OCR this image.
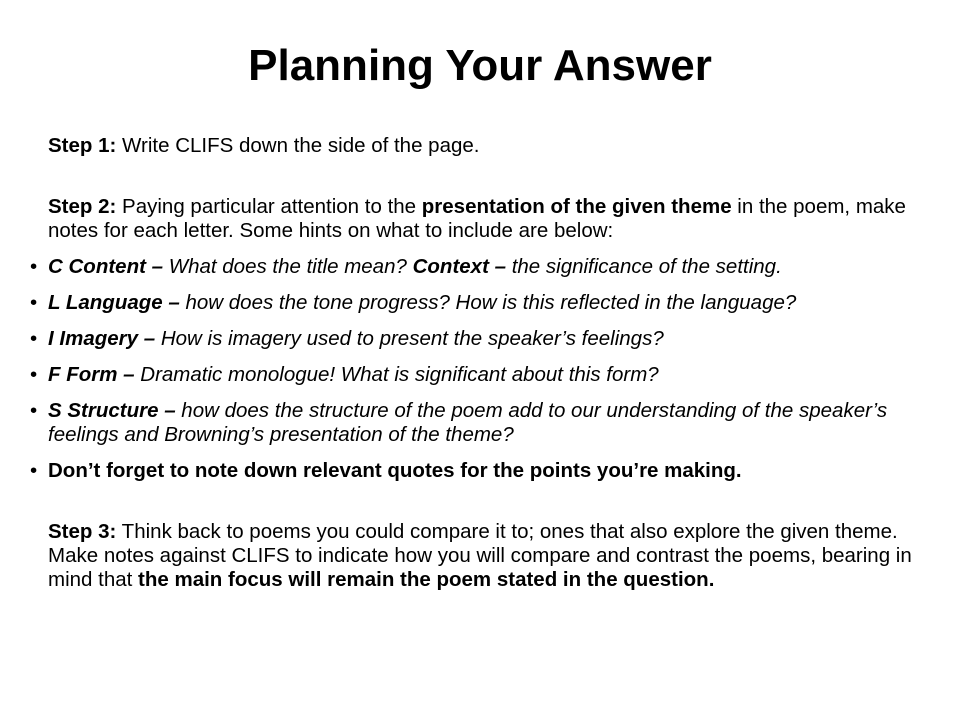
Planning Your Answer

Step 1: Write CLIFS down the side of the page.

Step 2: Paying particular attention to the presentation of the given theme in the poem, make notes for each letter. Some hints on what to include are below:

• C Content – What does the title mean? Context – the significance of the setting.

• L Language – how does the tone progress? How is this reflected in the language?

• I Imagery – How is imagery used to present the speaker’s feelings?

• F Form – Dramatic monologue! What is significant about this form?

• S Structure – how does the structure of the poem add to our understanding of the speaker’s feelings and Browning’s presentation of the theme?

• Don’t forget to note down relevant quotes for the points you’re making.

Step 3: Think back to poems you could compare it to; ones that also explore the given theme. Make notes against CLIFS to indicate how you will compare and contrast the poems, bearing in mind that the main focus will remain the poem stated in the question.
